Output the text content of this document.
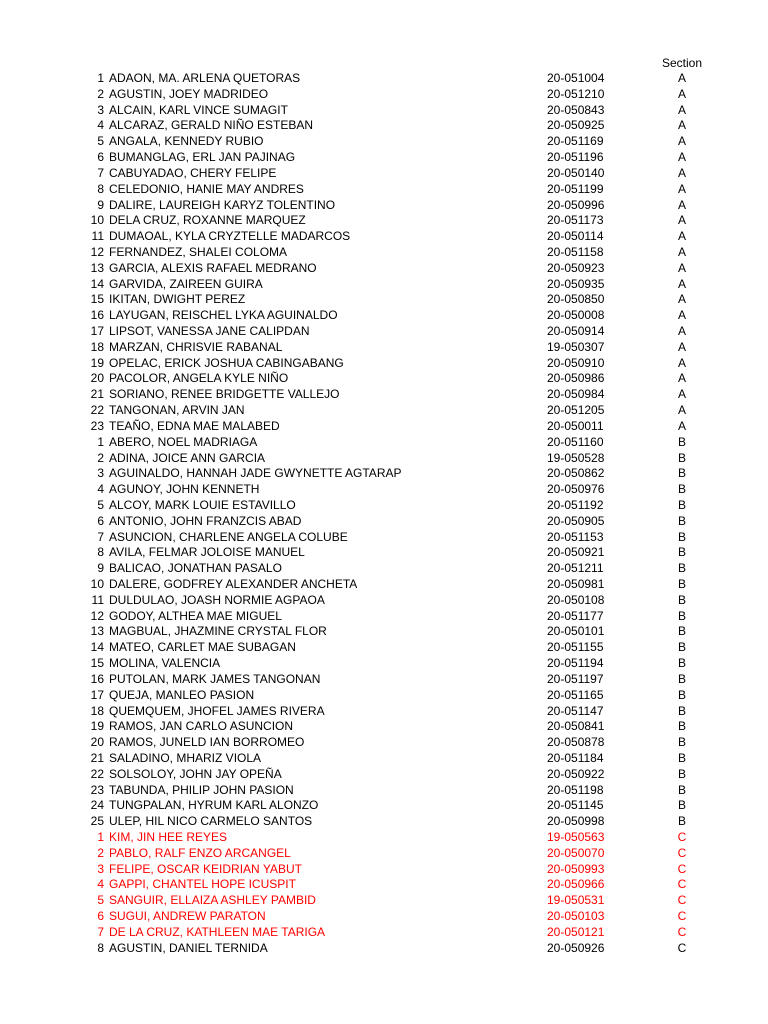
Section
1 ADAON, MA. ARLENA QUETORAS	20-051004	A
2 AGUSTIN, JOEY MADRIDEO	20-051210	A
3 ALCAIN, KARL VINCE SUMAGIT	20-050843	A
4 ALCARAZ, GERALD NIÑO ESTEBAN	20-050925	A
5 ANGALA, KENNEDY RUBIO	20-051169	A
6 BUMANGLAG, ERL JAN PAJINAG	20-051196	A
7 CABUYADAO, CHERY FELIPE	20-050140	A
8 CELEDONIO, HANIE MAY ANDRES	20-051199	A
9 DALIRE, LAUREIGH KARYZ TOLENTINO	20-050996	A
10 DELA CRUZ, ROXANNE MARQUEZ	20-051173	A
11 DUMAOAL, KYLA CRYZTELLE MADARCOS	20-050114	A
12 FERNANDEZ, SHALEI COLOMA	20-051158	A
13 GARCIA, ALEXIS RAFAEL MEDRANO	20-050923	A
14 GARVIDA, ZAIREEN GUIRA	20-050935	A
15 IKITAN, DWIGHT PEREZ	20-050850	A
16 LAYUGAN, REISCHEL LYKA AGUINALDO	20-050008	A
17 LIPSOT, VANESSA JANE CALIPDAN	20-050914	A
18 MARZAN, CHRISVIE RABANAL	19-050307	A
19 OPELAC, ERICK JOSHUA CABINGABANG	20-050910	A
20 PACOLOR, ANGELA KYLE NIÑO	20-050986	A
21 SORIANO, RENEE BRIDGETTE VALLEJO	20-050984	A
22 TANGONAN, ARVIN JAN	20-051205	A
23 TEAÑO, EDNA MAE MALABED	20-050011	A
1 ABERO, NOEL MADRIAGA	20-051160	B
2 ADINA, JOICE ANN GARCIA	19-050528	B
3 AGUINALDO, HANNAH JADE GWYNETTE AGTARAP	20-050862	B
4 AGUNOY, JOHN KENNETH	20-050976	B
5 ALCOY, MARK LOUIE ESTAVILLO	20-051192	B
6 ANTONIO, JOHN FRANZCIS ABAD	20-050905	B
7 ASUNCION, CHARLENE ANGELA COLUBE	20-051153	B
8 AVILA, FELMAR JOLOISE MANUEL	20-050921	B
9 BALICAO, JONATHAN PASALO	20-051211	B
10 DALERE, GODFREY ALEXANDER ANCHETA	20-050981	B
11 DULDULAO, JOASH NORMIE AGPAOA	20-050108	B
12 GODOY, ALTHEA MAE MIGUEL	20-051177	B
13 MAGBUAL, JHAZMINE CRYSTAL FLOR	20-050101	B
14 MATEO, CARLET MAE SUBAGAN	20-051155	B
15 MOLINA, VALENCIA	20-051194	B
16 PUTOLAN, MARK JAMES TANGONAN	20-051197	B
17 QUEJA, MANLEO PASION	20-051165	B
18 QUEMQUEM, JHOFEL JAMES RIVERA	20-051147	B
19 RAMOS, JAN CARLO ASUNCION	20-050841	B
20 RAMOS, JUNELD IAN BORROMEO	20-050878	B
21 SALADINO, MHARIZ VIOLA	20-051184	B
22 SOLSOLOY, JOHN JAY OPEÑA	20-050922	B
23 TABUNDA, PHILIP JOHN PASION	20-051198	B
24 TUNGPALAN, HYRUM KARL ALONZO	20-051145	B
25 ULEP, HIL NICO CARMELO SANTOS	20-050998	B
1 KIM, JIN HEE REYES	19-050563	C
2 PABLO, RALF ENZO ARCANGEL	20-050070	C
3 FELIPE, OSCAR KEIDRIAN YABUT	20-050993	C
4 GAPPI, CHANTEL HOPE ICUSPIT	20-050966	C
5 SANGUIR, ELLAIZA ASHLEY PAMBID	19-050531	C
6 SUGUI, ANDREW PARATON	20-050103	C
7 DE LA CRUZ, KATHLEEN MAE TARIGA	20-050121	C
8 AGUSTIN, DANIEL TERNIDA	20-050926	C
